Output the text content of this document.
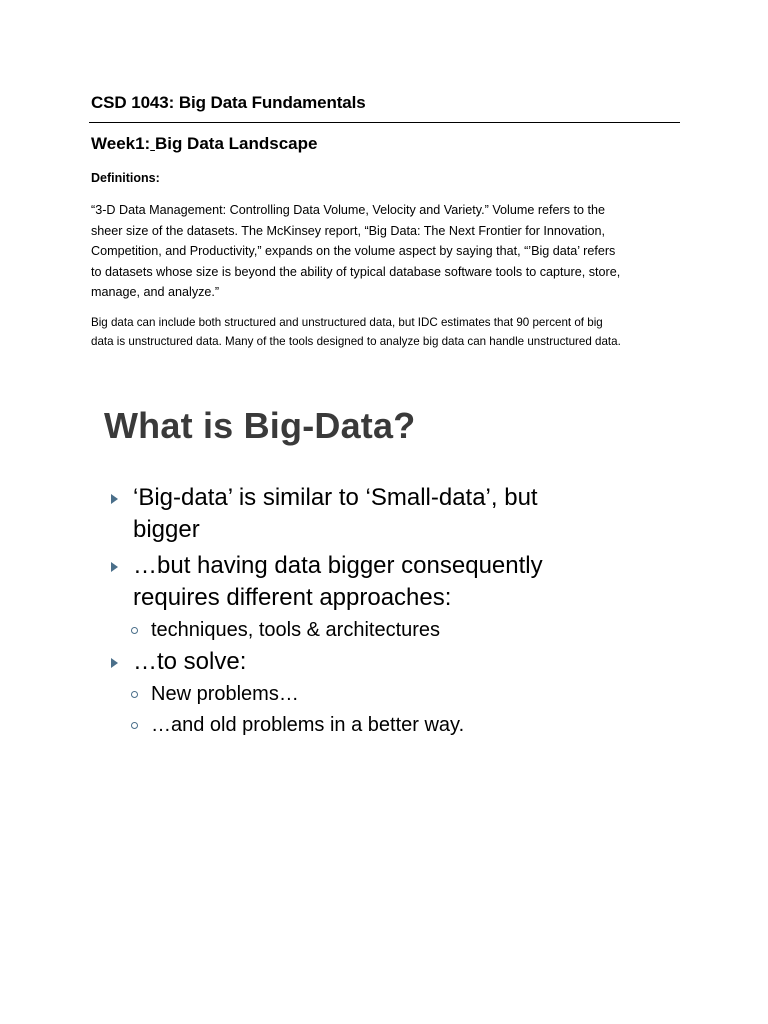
CSD 1043: Big Data Fundamentals
Week1: Big Data Landscape

Definitions:

“3-D Data Management: Controlling Data Volume, Velocity and Variety.” Volume refers to the
sheer size of the datasets. The McKinsey report, “Big Data: The Next Frontier for Innovation,
Competition, and Productivity,” expands on the volume aspect by saying that, “’Big data’ refers
to datasets whose size is beyond the ability of typical database software tools to capture, store,
manage, and analyze.”

Big data can include both structured and unstructured data, but IDC estimates that 90 percent of big
data is unstructured data. Many of the tools designed to analyze big data can handle unstructured data.

What is Big-Data?
‘Big-data’ is similar to ‘Small-data’, but
bigger
…but having data bigger consequently
requires different approaches:
techniques, tools & architectures
…to solve:
New problems…
…and old problems in a better way.
